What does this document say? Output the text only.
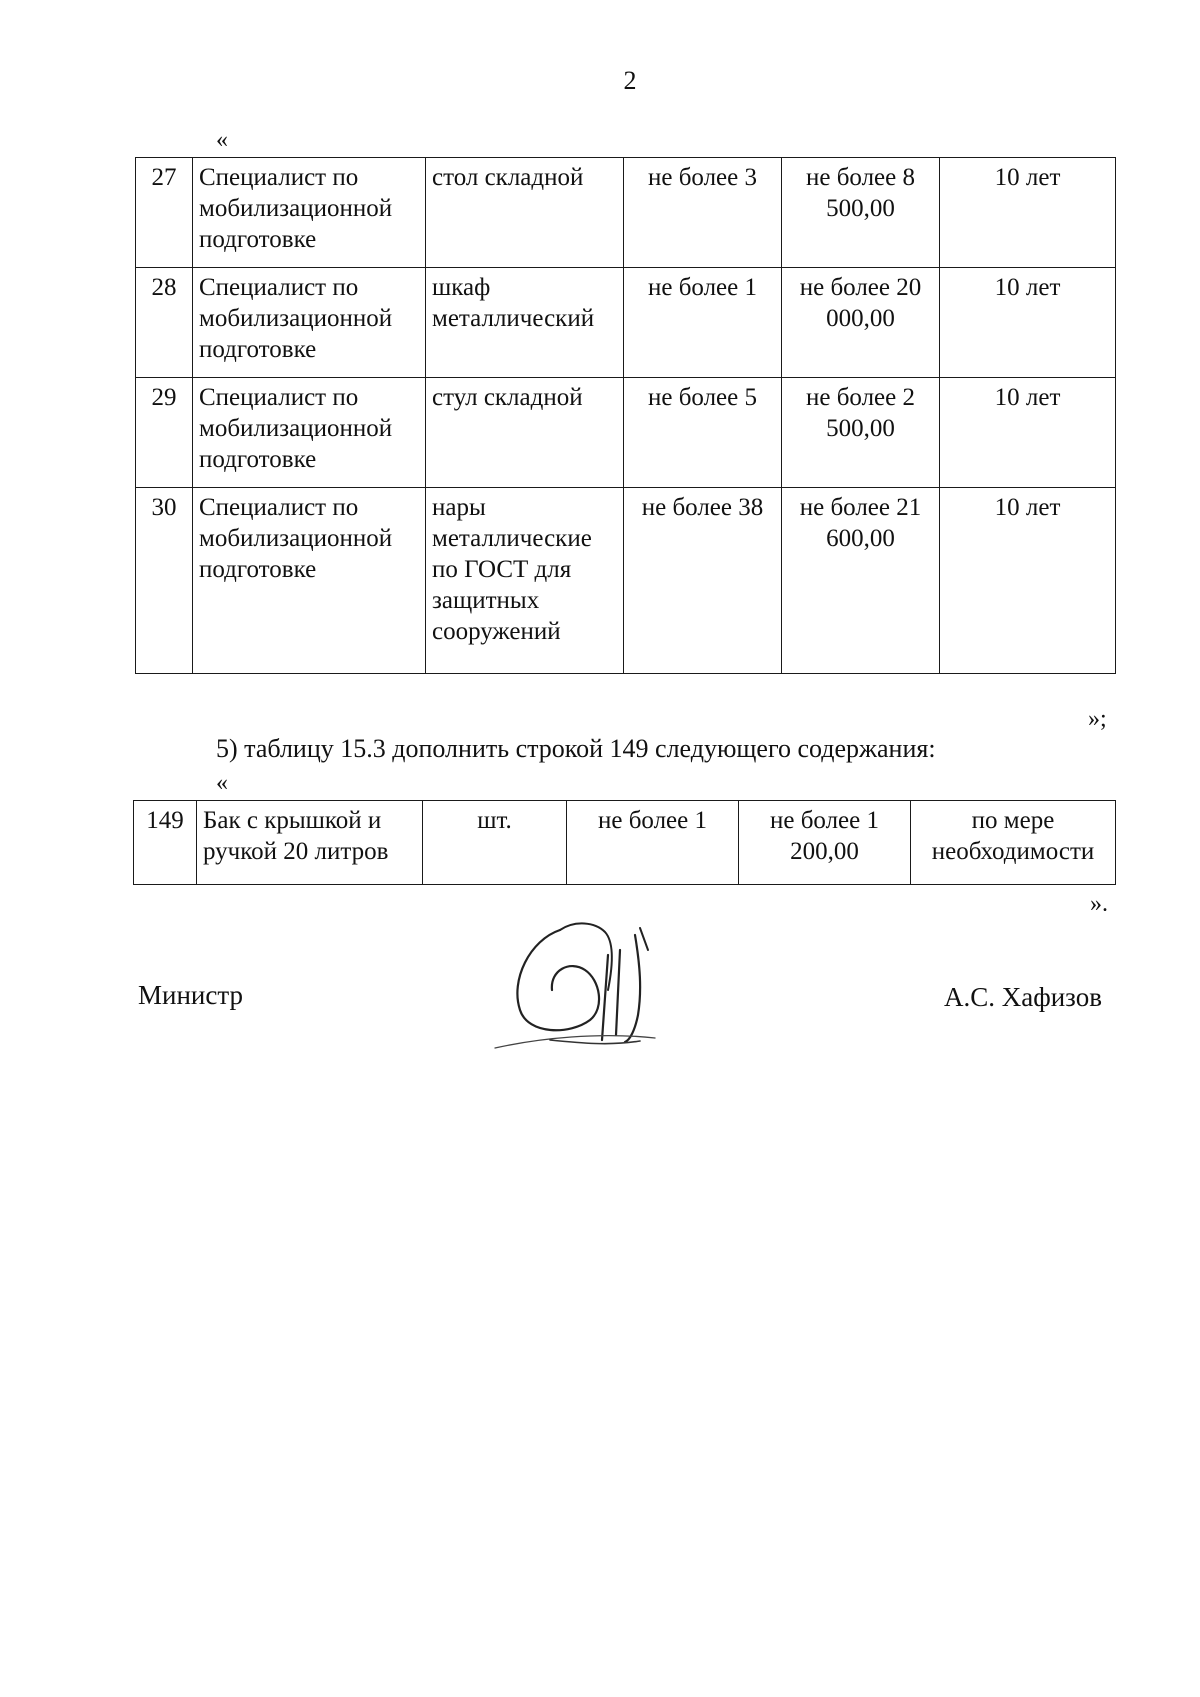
2
«
27	Специалист по мобилизационной подготовке	стол складной	не более 3	не более 8 500,00	10 лет
28	Специалист по мобилизационной подготовке	шкаф металлический	не более 1	не более 20 000,00	10 лет
29	Специалист по мобилизационной подготовке	стул складной	не более 5	не более 2 500,00	10 лет
30	Специалист по мобилизационной подготовке	нары металлические по ГОСТ для защитных сооружений	не более 38	не более 21 600,00	10 лет
»;
5) таблицу 15.3 дополнить строкой 149 следующего содержания:
«
149	Бак с крышкой и ручкой 20 литров	шт.	не более 1	не более 1 200,00	по мере необходимости
».
Министр	А.С. Хафизов
